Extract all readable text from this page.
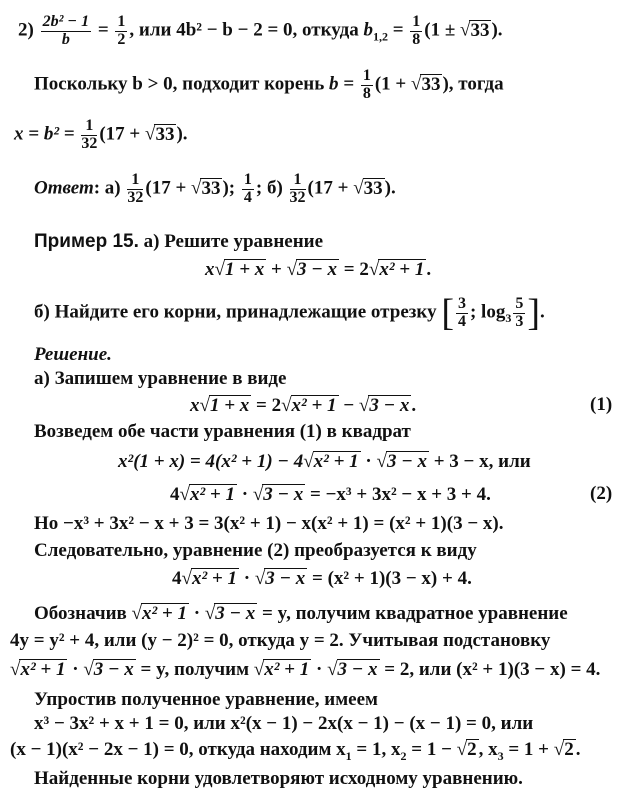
$2) \frac{\text{2b² − 1}}{b} = \frac{1}{2}$ , или 4b² − b − 2 = 0, откуда $b_{1,2} = \frac{1}{8} (1 \pm √33$ ).
Поскольку b > 0, подходит корень $b = \frac{1}{8} (1 + √33$ ), тогда
$x = b^2 = \frac{1}{32} (17 + √33$ ).
Ответ: $а) \frac{1}{32} (17 + √33$ ); $\frac{1}{4}$ ; $б) \frac{1}{32} (17 + √33$ ).
Пример 15. а) Решите уравнение
x√1 + x + √3 − x = 2√x² + 1 .
б) Найдите его корни, принадлежащие отрезку [ $\frac{3}{4}$ ; $\log_3 \frac{5}{3}$ ].
Решение.
а) Запишем уравнение в виде
x√1 + x = 2√x² + 1 − √3 − x .	(1)
Возведем обе части уравнения (1) в квадрат
x²(1 + x) = 4(x² + 1) − 4√x² + 1 · √3 − x + 3 − x, или
4√x² + 1 · √3 − x = −x³ + 3x² − x + 3 + 4.	(2)
Но −x³ + 3x² − x + 3 = 3(x² + 1) − x(x² + 1) = (x² + 1)(3 − x).
Следовательно, уравнение (2) преобразуется к виду
4√x² + 1 · √3 − x = (x² + 1)(3 − x) + 4.
Обозначив √x² + 1 · √3 − x = y, получим квадратное уравнение
4y = y² + 4, или (y − 2)² = 0, откуда y = 2. Учитывая подстановку
√x² + 1 · √3 − x = y, получим √x² + 1 · √3 − x = 2, или (x² + 1)(3 − x) = 4.
Упростив полученное уравнение, имеем
x³ − 3x² + x + 1 = 0, или x²(x − 1) − 2x(x − 1) − (x − 1) = 0, или
(x − 1)(x² − 2x − 1) = 0, откуда находим $x_1 = 1$, $x_2 = 1 - √2$ , $x_3 = 1 + √2$ .
Найденные корни удовлетворяют исходному уравнению.
